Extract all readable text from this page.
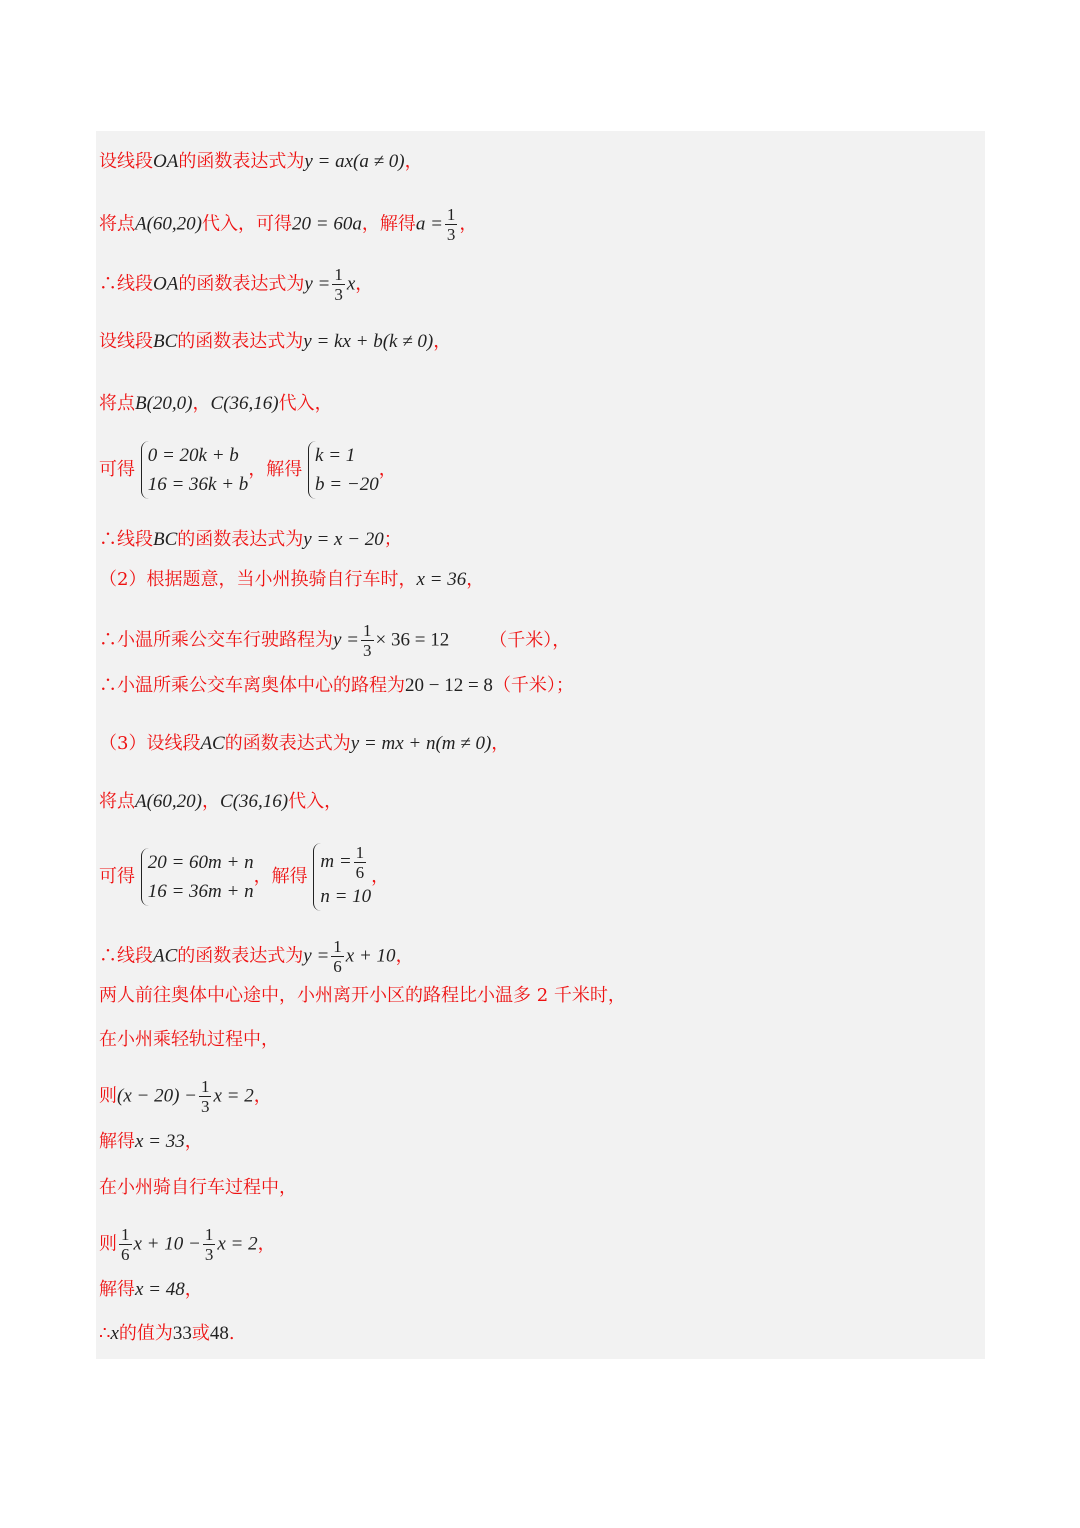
设线段OA的函数表达式为y = ax(a ≠ 0)，
将点A(60,20)代入，可得20 = 60a，解得$a = \frac{1}{3}$ ，
∴线段OA的函数表达式为$y = \frac{1}{3}$ x，
设线段BC的函数表达式为y = kx + b(k ≠ 0)，
将点B(20,0)，C(36,16)代入，
可得
0 = 20k + b
16 = 36k + b
，解得
k = 1
b = −20
，
∴线段BC的函数表达式为y = x − 20；
（2）根据题意，当小州换骑自行车时，x = 36，
∴小温所乘公交车行驶路程为$y = \frac{1}{3} \times 36 = 12$ （千米），
∴小温所乘公交车离奥体中心的路程为20 − 12 = 8（千米）；
（3）设线段AC的函数表达式为y = mx + n(m ≠ 0)，
将点A(60,20)，C(36,16)代入，
可得
20 = 60m + n
16 = 36m + n
，解得
$m = \frac{1}{6}$
n = 10
，
∴线段AC的函数表达式为$y = \frac{1}{6}$ x + 10，
两人前往奥体中心途中，小州离开小区的路程比小温多 2 千米时，
在小州乘轻轨过程中，
则$(x - 20) - \frac{1}{3}$ x = 2，
解得x = 33，
在小州骑自行车过程中，
则 $\frac{1}{6}$ $x + 10 - \frac{1}{3}$ x = 2，
解得x = 48，
∴x的值为33或48.
